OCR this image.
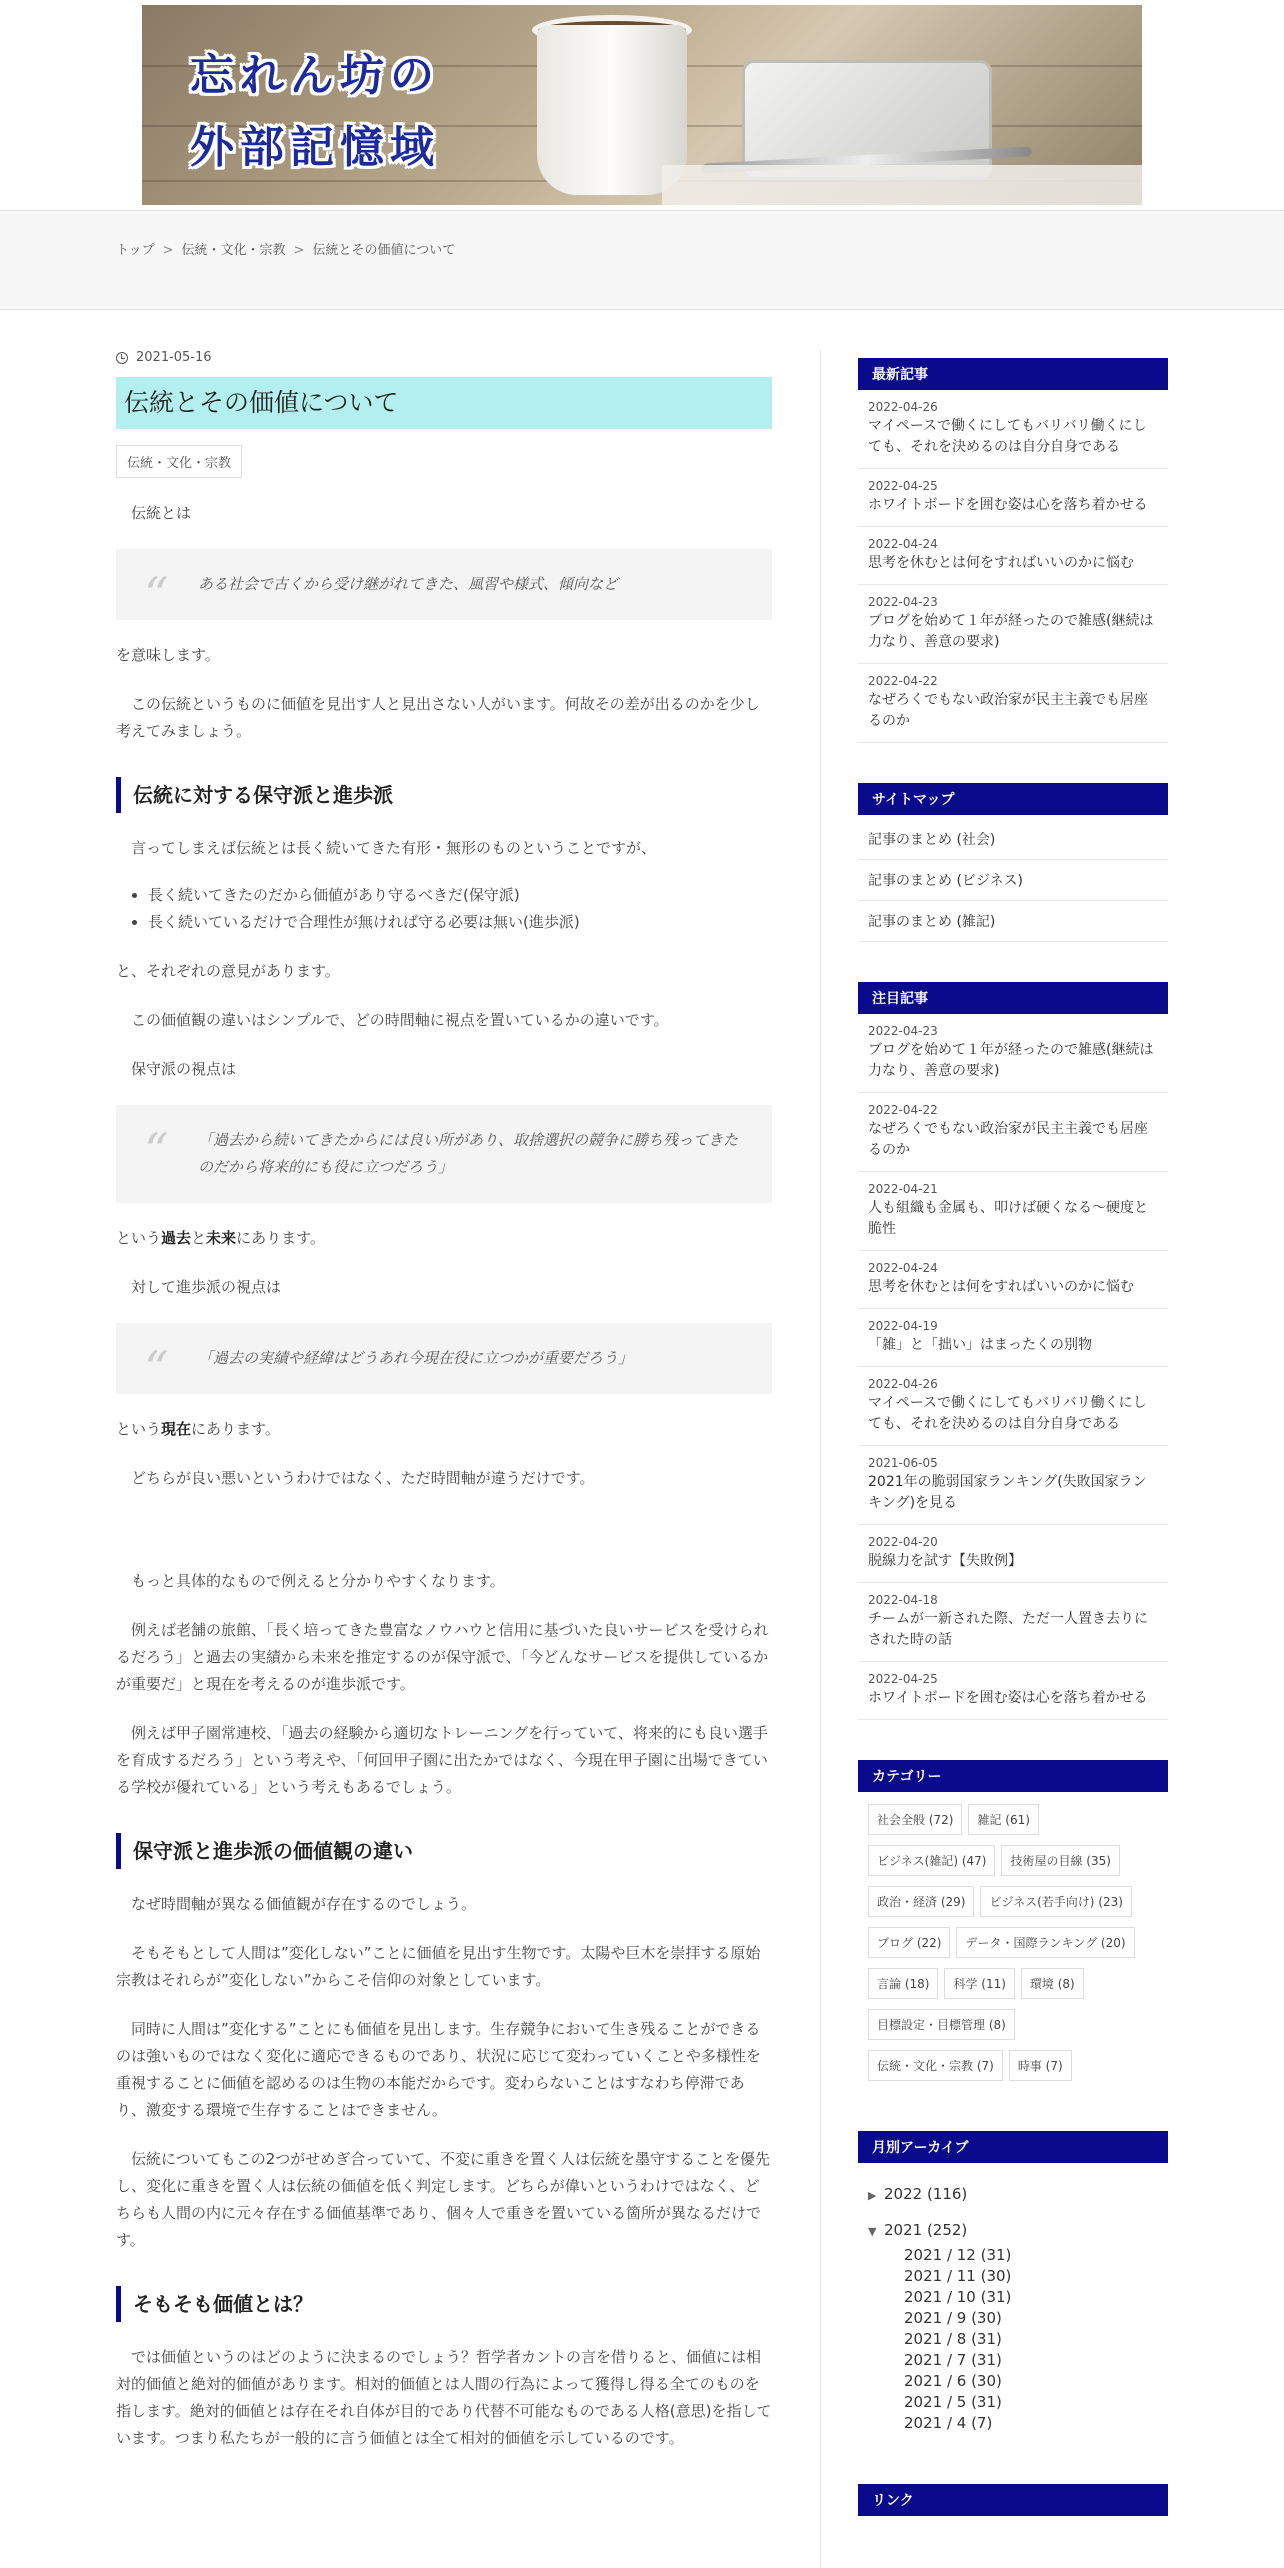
忘れん坊の
外部記憶域
トップ > 伝統・文化・宗教 > 伝統とその価値について
2021-05-16
伝統とその価値について
伝統・文化・宗教

伝統とは

“ ある社会で古くから受け継がれてきた、風習や様式、傾向など

を意味します。

この伝統というものに価値を見出す人と見出さない人がいます。何故その差が出るのかを少し考えてみましょう。

伝統に対する保守派と進歩派

言ってしまえば伝統とは長く続いてきた有形・無形のものということですが、

• 長く続いてきたのだから価値があり守るべきだ(保守派)
• 長く続いているだけで合理性が無ければ守る必要は無い(進歩派)

と、それぞれの意見があります。

この価値観の違いはシンプルで、どの時間軸に視点を置いているかの違いです。

保守派の視点は

“ 「過去から続いてきたからには良い所があり、取捨選択の競争に勝ち残ってきたのだから将来的にも役に立つだろう」

という過去と未来にあります。

対して進歩派の視点は

“ 「過去の実績や経緯はどうあれ今現在役に立つかが重要だろう」

という現在にあります。

どちらが良い悪いというわけではなく、ただ時間軸が違うだけです。

もっと具体的なもので例えると分かりやすくなります。

例えば老舗の旅館、「長く培ってきた豊富なノウハウと信用に基づいた良いサービスを受けられるだろう」と過去の実績から未来を推定するのが保守派で、「今どんなサービスを提供しているかが重要だ」と現在を考えるのが進歩派です。

例えば甲子園常連校、「過去の経験から適切なトレーニングを行っていて、将来的にも良い選手を育成するだろう」という考えや、「何回甲子園に出たかではなく、今現在甲子園に出場できている学校が優れている」という考えもあるでしょう。

保守派と進歩派の価値観の違い

なぜ時間軸が異なる価値観が存在するのでしょう。

そもそもとして人間は”変化しない”ことに価値を見出す生物です。太陽や巨木を崇拝する原始宗教はそれらが”変化しない”からこそ信仰の対象としています。

同時に人間は”変化する”ことにも価値を見出します。生存競争において生き残ることができるのは強いものではなく変化に適応できるものであり、状況に応じて変わっていくことや多様性を重視することに価値を認めるのは生物の本能だからです。変わらないことはすなわち停滞であり、激変する環境で生存することはできません。

伝統についてもこの2つがせめぎ合っていて、不変に重きを置く人は伝統を墨守することを優先し、変化に重きを置く人は伝統の価値を低く判定します。どちらが偉いというわけではなく、どちらも人間の内に元々存在する価値基準であり、個々人で重きを置いている箇所が異なるだけです。

そもそも価値とは？

では価値というのはどのように決まるのでしょう？哲学者カントの言を借りると、価値には相対的価値と絶対的価値があります。相対的価値とは人間の行為によって獲得し得る全てのものを指します。絶対的価値とは存在それ自体が目的であり代替不可能なものである人格(意思)を指しています。つまり私たちが一般的に言う価値とは全て相対的価値を示しているのです。

最新記事
2022-04-26
マイペースで働くにしてもバリバリ働くにしても、それを決めるのは自分自身である
2022-04-25
ホワイトボードを囲む姿は心を落ち着かせる
2022-04-24
思考を休むとは何をすればいいのかに悩む
2022-04-23
ブログを始めて１年が経ったので雑感(継続は力なり、善意の要求)
2022-04-22
なぜろくでもない政治家が民主主義でも居座るのか
サイトマップ
記事のまとめ (社会)
記事のまとめ (ビジネス)
記事のまとめ (雑記)
注目記事
2022-04-23
ブログを始めて１年が経ったので雑感(継続は力なり、善意の要求)
2022-04-22
なぜろくでもない政治家が民主主義でも居座るのか
2022-04-21
人も組織も金属も、叩けば硬くなる～硬度と脆性
2022-04-24
思考を休むとは何をすればいいのかに悩む
2022-04-19
「雑」と「拙い」はまったくの別物
2022-04-26
マイペースで働くにしてもバリバリ働くにしても、それを決めるのは自分自身である
2021-06-05
2021年の脆弱国家ランキング(失敗国家ランキング)を見る
2022-04-20
脱線力を試す【失敗例】
2022-04-18
チームが一新された際、ただ一人置き去りにされた時の話
2022-04-25
ホワイトボードを囲む姿は心を落ち着かせる
カテゴリー
社会全般 (72) 雑記 (61)ビジネス(雑記) (47) 技術屋の目線 (35)政治・経済 (29) ビジネス(若手向け) (23)ブログ (22) データ・国際ランキング (20)言論 (18) 科学 (11) 環境 (8)目標設定・目標管理 (8)伝統・文化・宗教 (7) 時事 (7)
月別アーカイブ
▶ 2022 (116)
▼ 2021 (252)
2021 / 12 (31)
2021 / 11 (30)
2021 / 10 (31)
2021 / 9 (30)
2021 / 8 (31)
2021 / 7 (31)
2021 / 6 (30)
2021 / 5 (31)
2021 / 4 (7)
リンク
